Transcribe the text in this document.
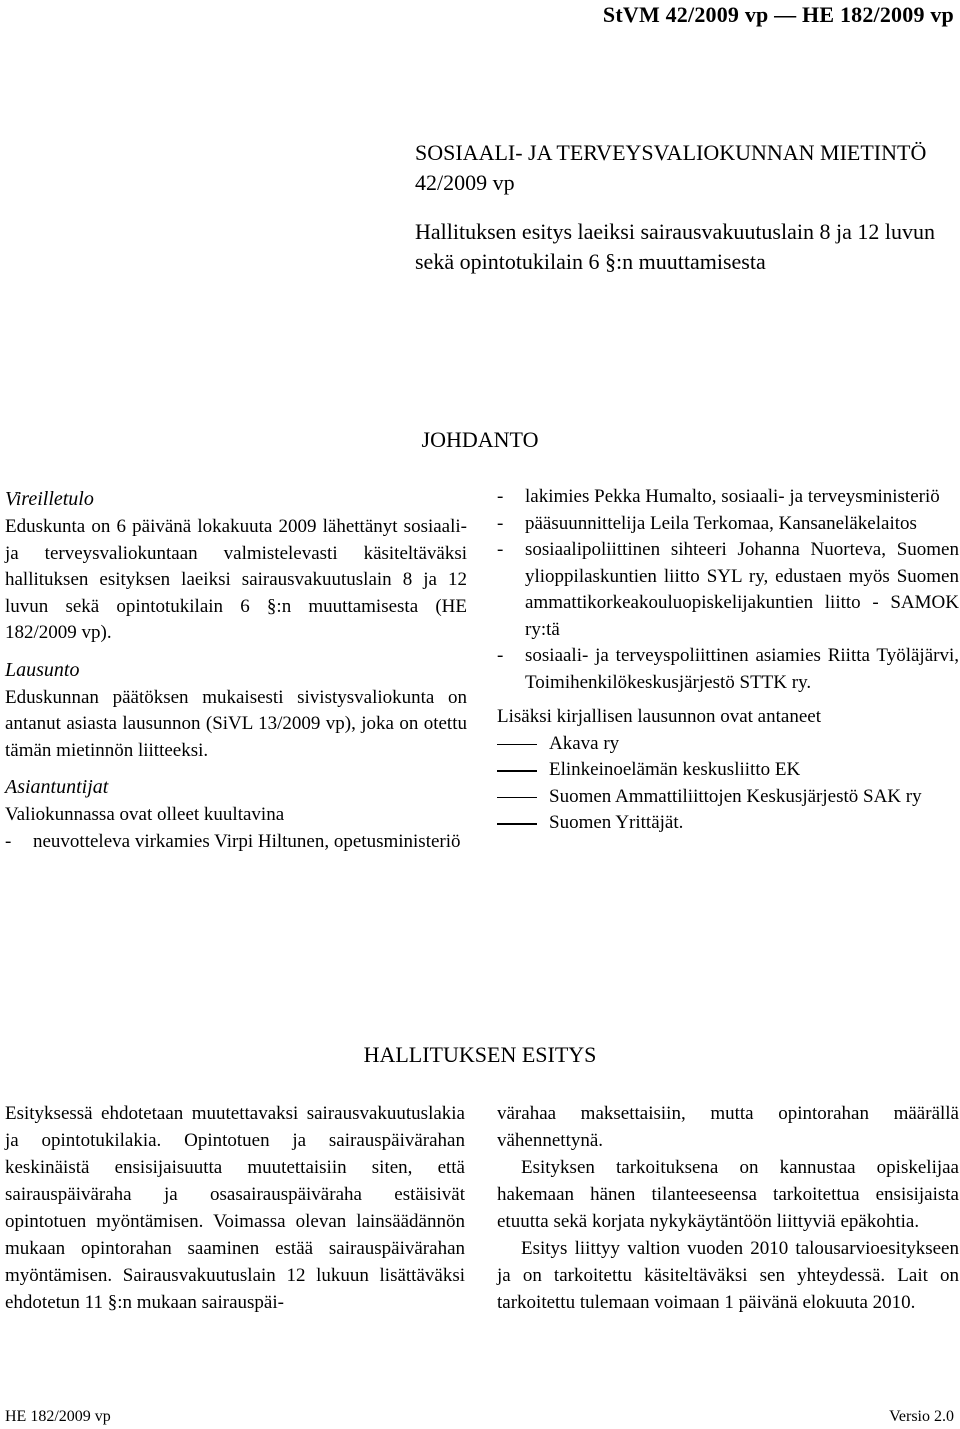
StVM 42/2009 vp — HE 182/2009 vp
SOSIAALI- JA TERVEYSVALIOKUNNAN MIETINTÖ 42/2009 vp
Hallituksen esitys laeiksi sairausvakuutuslain 8 ja 12 luvun sekä opintotukilain 6 §:n muuttamisesta
JOHDANTO

Vireilletulo

Eduskunta on 6 päivänä lokakuuta 2009 lähettänyt sosiaali- ja terveysvaliokuntaan valmistelevasti käsiteltäväksi hallituksen esityksen laeiksi sairausvakuutuslain 8 ja 12 luvun sekä opintotukilain 6 §:n muuttamisesta (HE 182/2009 vp).

Lausunto

Eduskunnan päätöksen mukaisesti sivistysvaliokunta on antanut asiasta lausunnon (SiVL 13/2009 vp), joka on otettu tämän mietinnön liitteeksi.

Asiantuntijat

Valiokunnassa ovat olleet kuultavina

- neuvotteleva virkamies Virpi Hiltunen, opetusministeriö
- lakimies Pekka Humalto, sosiaali- ja terveysministeriö
- pääsuunnittelija Leila Terkomaa, Kansaneläkelaitos
- sosiaalipoliittinen sihteeri Johanna Nuorteva, Suomen ylioppilaskuntien liitto SYL ry, edustaen myös Suomen ammattikorkeakouluopiskelijakuntien liitto - SAMOK ry:tä
- sosiaali- ja terveyspoliittinen asiamies Riitta Työläjärvi, Toimihenkilökeskusjärjestö STTK ry.

Lisäksi kirjallisen lausunnon ovat antaneet

Akava ry
Elinkeinoelämän keskusliitto EK
Suomen Ammattiliittojen Keskusjärjestö SAK ry
Suomen Yrittäjät.
HALLITUKSEN ESITYS

Esityksessä ehdotetaan muutettavaksi sairausvakuutuslakia ja opintotukilakia. Opintotuen ja sairauspäivärahan keskinäistä ensisijaisuutta muutettaisiin siten, että sairauspäiväraha ja osasairauspäiväraha estäisivät opintotuen myöntämisen. Voimassa olevan lainsäädännön mukaan opintorahan saaminen estää sairauspäivärahan myöntämisen. Sairausvakuutuslain 12 lukuun lisättäväksi ehdotetun 11 §:n mukaan sairauspäi-

värahaa maksettaisiin, mutta opintorahan määrällä vähennettynä.

Esityksen tarkoituksena on kannustaa opiskelijaa hakemaan hänen tilanteeseensa tarkoitettua ensisijaista etuutta sekä korjata nykykäytäntöön liittyviä epäkohtia.

Esitys liittyy valtion vuoden 2010 talousarvioesitykseen ja on tarkoitettu käsiteltäväksi sen yhteydessä. Lait on tarkoitettu tulemaan voimaan 1 päivänä elokuuta 2010.

HE 182/2009 vp	Versio 2.0
